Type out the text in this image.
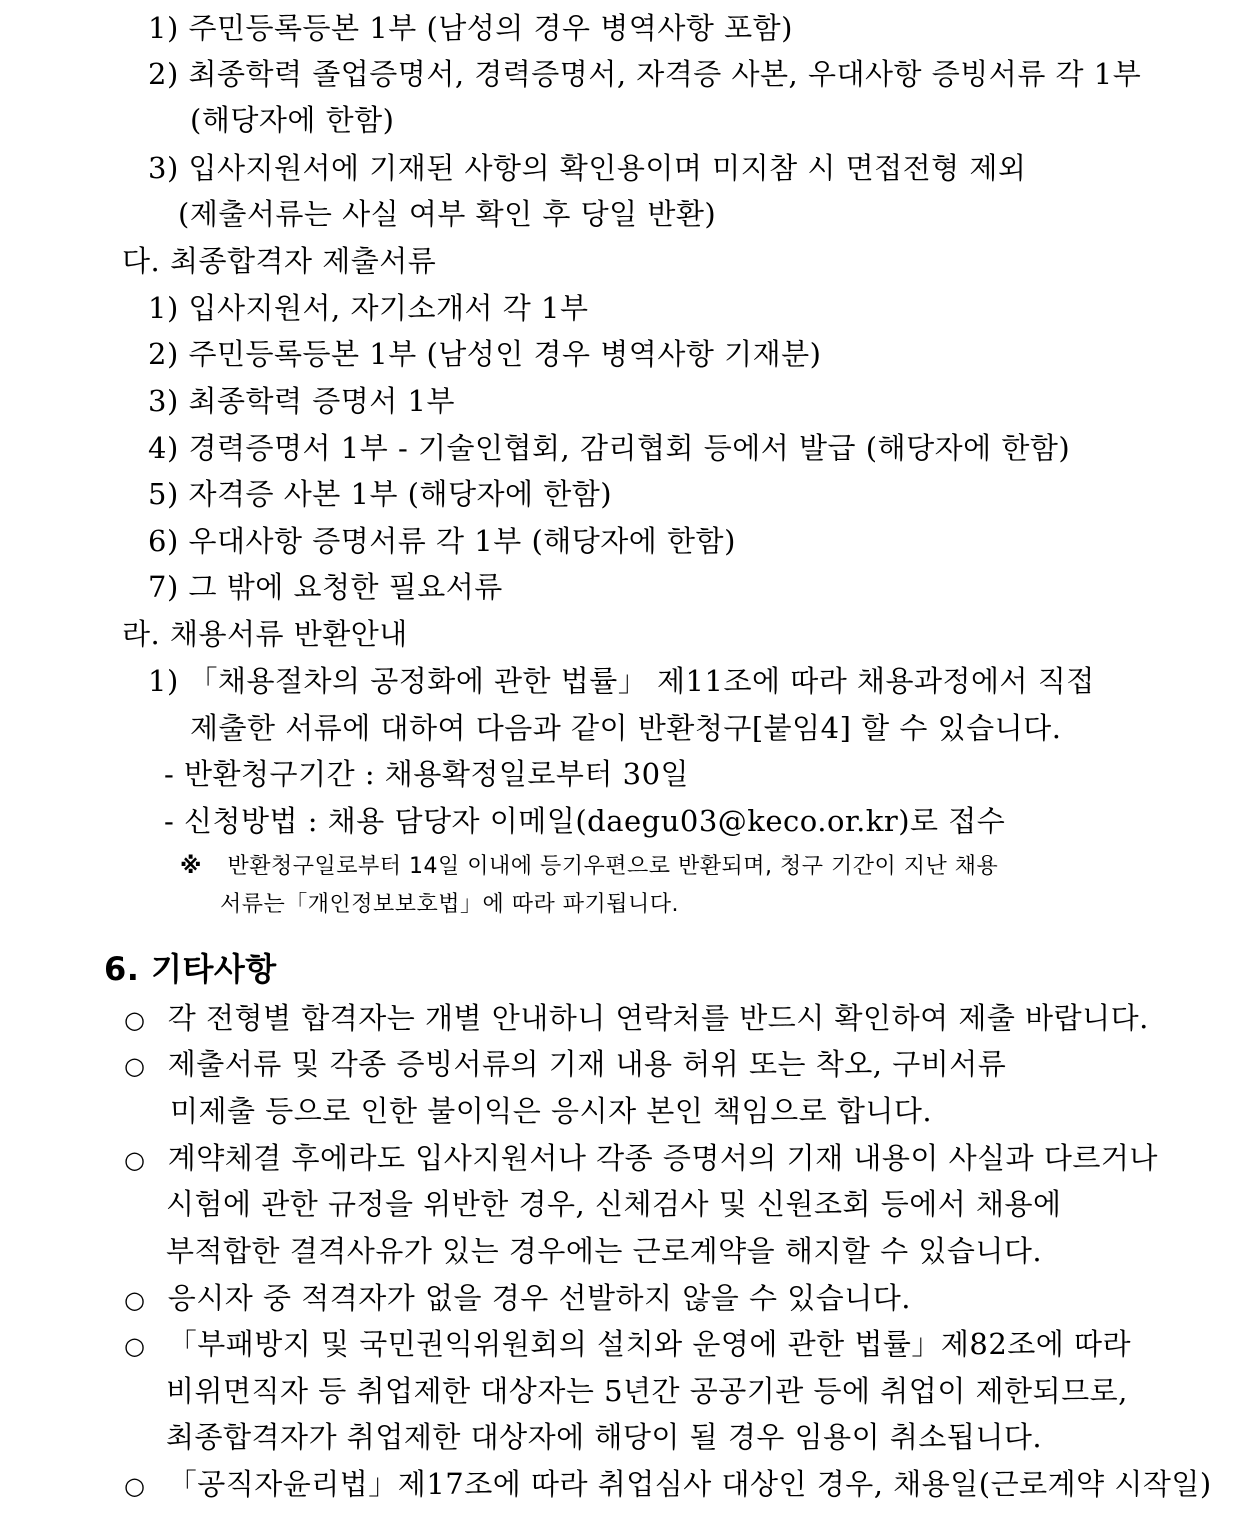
1) 주민등록등본 1부 (남성의 경우 병역사항 포함)
2) 최종학력 졸업증명서, 경력증명서, 자격증 사본, 우대사항 증빙서류 각 1부
(해당자에 한함)
3) 입사지원서에 기재된 사항의 확인용이며 미지참 시 면접전형 제외
(제출서류는 사실 여부 확인 후 당일 반환)
다. 최종합격자 제출서류
1) 입사지원서, 자기소개서 각 1부
2) 주민등록등본 1부 (남성인 경우 병역사항 기재분)
3) 최종학력 증명서 1부
4) 경력증명서 1부 - 기술인협회, 감리협회 등에서 발급 (해당자에 한함)
5) 자격증 사본 1부 (해당자에 한함)
6) 우대사항 증명서류 각 1부 (해당자에 한함)
7) 그 밖에 요청한 필요서류
라. 채용서류 반환안내
1) 「채용절차의 공정화에 관한 법률」 제11조에 따라 채용과정에서 직접
제출한 서류에 대하여 다음과 같이 반환청구[붙임4] 할 수 있습니다.
- 반환청구기간 : 채용확정일로부터 30일
- 신청방법 : 채용 담당자 이메일(daegu03@keco.or.kr)로 접수
※ 반환청구일로부터 14일 이내에 등기우편으로 반환되며, 청구 기간이 지난 채용
서류는「개인정보보호법」에 따라 파기됩니다.
6. 기타사항
○ 각 전형별 합격자는 개별 안내하니 연락처를 반드시 확인하여 제출 바랍니다.
○ 제출서류 및 각종 증빙서류의 기재 내용 허위 또는 착오, 구비서류
미제출 등으로 인한 불이익은 응시자 본인 책임으로 합니다.
○ 계약체결 후에라도 입사지원서나 각종 증명서의 기재 내용이 사실과 다르거나
시험에 관한 규정을 위반한 경우, 신체검사 및 신원조회 등에서 채용에
부적합한 결격사유가 있는 경우에는 근로계약을 해지할 수 있습니다.
○ 응시자 중 적격자가 없을 경우 선발하지 않을 수 있습니다.
○ 「부패방지 및 국민권익위원회의 설치와 운영에 관한 법률」제82조에 따라
비위면직자 등 취업제한 대상자는 5년간 공공기관 등에 취업이 제한되므로,
최종합격자가 취업제한 대상자에 해당이 될 경우 임용이 취소됩니다.
○ 「공직자윤리법」제17조에 따라 취업심사 대상인 경우, 채용일(근로계약 시작일)
